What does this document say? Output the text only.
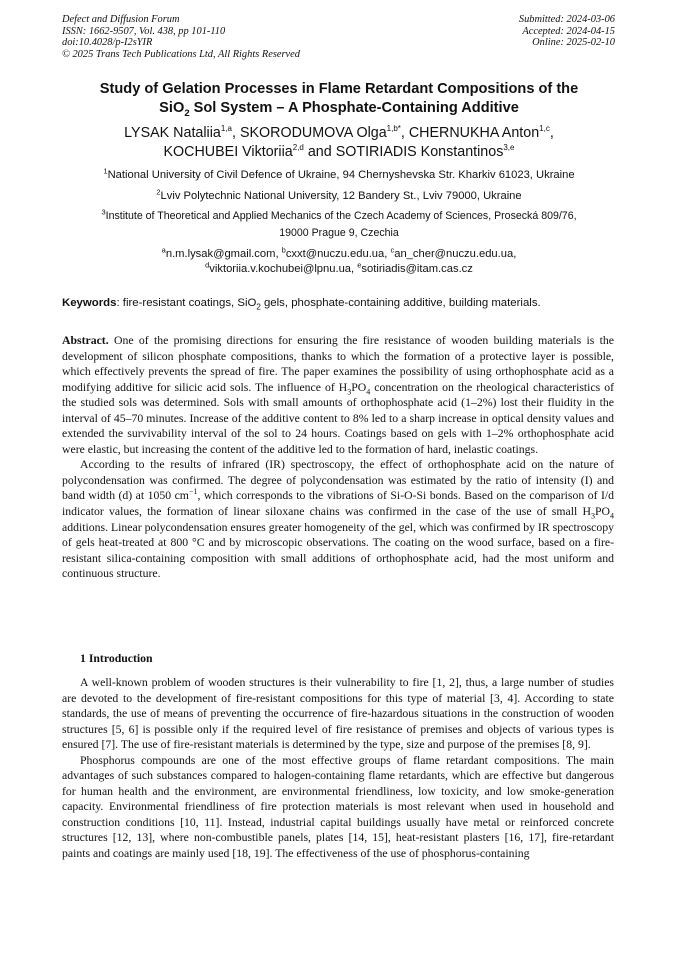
Defect and Diffusion Forum
ISSN: 1662-9507, Vol. 438, pp 101-110
doi:10.4028/p-I2sYIR
© 2025 Trans Tech Publications Ltd, All Rights Reserved
Submitted: 2024-03-06
Accepted: 2024-04-15
Online: 2025-02-10
Study of Gelation Processes in Flame Retardant Compositions of the
SiO$_2$ Sol System – A Phosphate-Containing Additive
LYSAK Nataliia$^{1,a}$, SKORODUMOVA Olga$^{1,b*}$, CHERNUKHA Anton$^{1,c}$,
KOCHUBEI Viktoriia$^{2,d}$ and SOTIRIADIS Konstantinos$^{3,e}$
$^1$National University of Civil Defence of Ukraine, 94 Chernyshevska Str. Kharkiv 61023, Ukraine
$^2$Lviv Polytechnic National University, 12 Bandery St., Lviv 79000, Ukraine
$^3$Institute of Theoretical and Applied Mechanics of the Czech Academy of Sciences, Prosecká 809/76,
19000 Prague 9, Czechia
$^a$n.m.lysak@gmail.com, $^b$cxxt@nuczu.edu.ua, $^c$an_cher@nuczu.edu.ua,
$^d$viktoriia.v.kochubei@lpnu.ua, $^e$sotiriadis@itam.cas.cz
Keywords: fire-resistant coatings, SiO$_2$ gels, phosphate-containing additive, building materials.

Abstract. One of the promising directions for ensuring the fire resistance of wooden building materials is the development of silicon phosphate compositions, thanks to which the formation of a protective layer is possible, which effectively prevents the spread of fire. The paper examines the possibility of using orthophosphate acid as a modifying additive for silicic acid sols. The influence of $H_3PO_4$ concentration on the rheological characteristics of the studied sols was determined. Sols with small amounts of orthophosphate acid (1–2%) lost their fluidity in the interval of 45–70 minutes. Increase of the additive content to 8% led to a sharp increase in optical density values and extended the survivability interval of the sol to 24 hours. Coatings based on gels with 1–2% orthophosphate acid were elastic, but increasing the content of the additive led to the formation of hard, inelastic coatings.

According to the results of infrared (IR) spectroscopy, the effect of orthophosphate acid on the nature of polycondensation was confirmed. The degree of polycondensation was estimated by the ratio of intensity (I) and band width (d) at 1050 $cm^{-1}$, which corresponds to the vibrations of Si-O-Si bonds. Based on the comparison of I/d indicator values, the formation of linear siloxane chains was confirmed in the case of the use of small $H_3PO_4$ additions. Linear polycondensation ensures greater homogeneity of the gel, which was confirmed by IR spectroscopy of gels heat-treated at 800 °C and by microscopic observations. The coating on the wood surface, based on a fire-resistant silica-containing composition with small additions of orthophosphate acid, had the most uniform and continuous structure.

1 Introduction

A well-known problem of wooden structures is their vulnerability to fire [1, 2], thus, a large number of studies are devoted to the development of fire-resistant compositions for this type of material [3, 4]. According to state standards, the use of means of preventing the occurrence of fire-hazardous situations in the construction of wooden structures [5, 6] is possible only if the required level of fire resistance of premises and objects of various types is ensured [7]. The use of fire-resistant materials is determined by the type, size and purpose of the premises [8, 9].

Phosphorus compounds are one of the most effective groups of flame retardant compositions. The main advantages of such substances compared to halogen-containing flame retardants, which are effective but dangerous for human health and the environment, are environmental friendliness, low toxicity, and low smoke-generation capacity. Environmental friendliness of fire protection materials is most relevant when used in household and construction conditions [10, 11]. Instead, industrial capital buildings usually have metal or reinforced concrete structures [12, 13], where non-combustible panels, plates [14, 15], heat-resistant plasters [16, 17], fire-retardant paints and coatings are mainly used [18, 19]. The effectiveness of the use of phosphorus-containing
